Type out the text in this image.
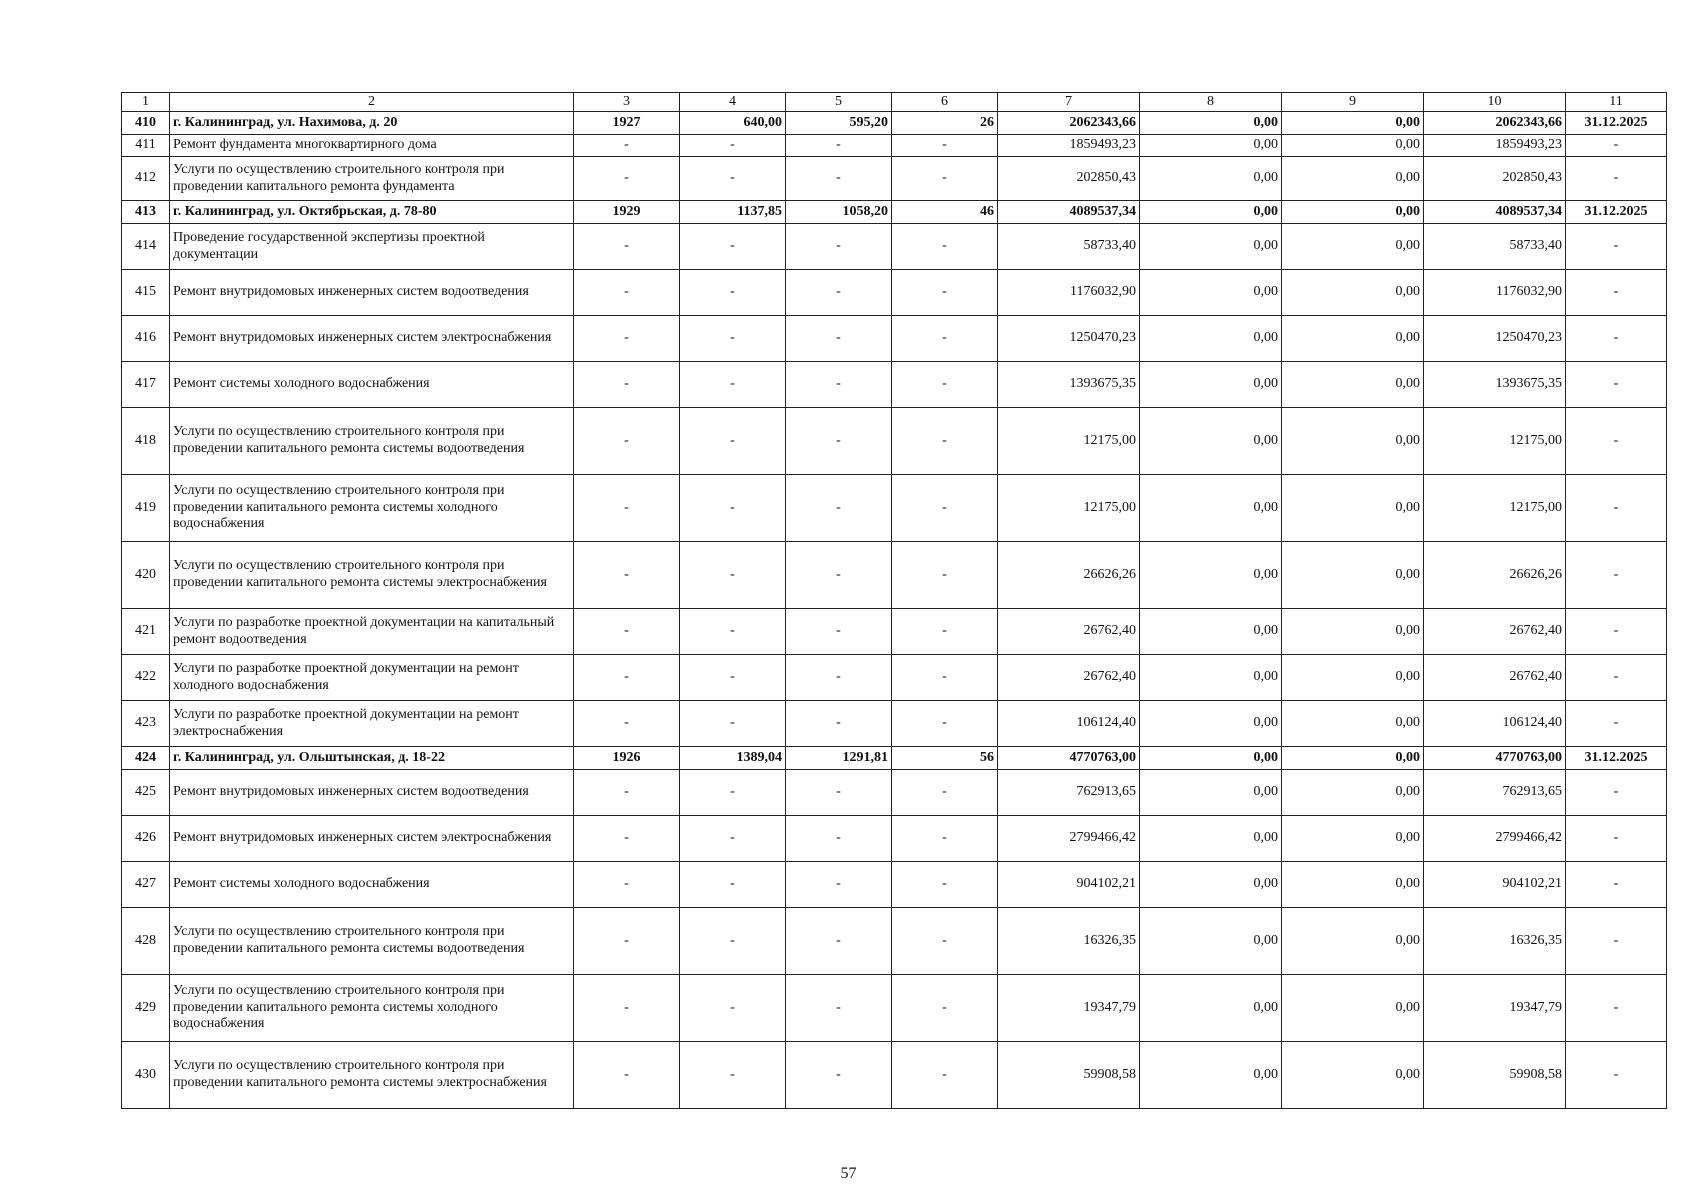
1	2	3	4	5	6	7	8	9	10	11
410	г. Калининград, ул. Нахимова, д. 20	1927	640,00	595,20	26	2062343,66	0,00	0,00	2062343,66	31.12.2025
411	Ремонт фундамента многоквартирного дома	-	-	-	-	1859493,23	0,00	0,00	1859493,23	-
412	Услуги по осуществлению строительного контроля при проведении капитального ремонта фундамента	-	-	-	-	202850,43	0,00	0,00	202850,43	-
413	г. Калининград, ул. Октябрьская, д. 78-80	1929	1137,85	1058,20	46	4089537,34	0,00	0,00	4089537,34	31.12.2025
414	Проведение государственной экспертизы проектной документации	-	-	-	-	58733,40	0,00	0,00	58733,40	-
415	Ремонт внутридомовых инженерных систем водоотведения	-	-	-	-	1176032,90	0,00	0,00	1176032,90	-
416	Ремонт внутридомовых инженерных систем электроснабжения	-	-	-	-	1250470,23	0,00	0,00	1250470,23	-
417	Ремонт системы холодного водоснабжения	-	-	-	-	1393675,35	0,00	0,00	1393675,35	-
418	Услуги по осуществлению строительного контроля при проведении капитального ремонта системы водоотведения	-	-	-	-	12175,00	0,00	0,00	12175,00	-
419	Услуги по осуществлению строительного контроля при проведении капитального ремонта системы холодного водоснабжения	-	-	-	-	12175,00	0,00	0,00	12175,00	-
420	Услуги по осуществлению строительного контроля при проведении капитального ремонта системы электроснабжения	-	-	-	-	26626,26	0,00	0,00	26626,26	-
421	Услуги по разработке проектной документации на капитальный ремонт водоотведения	-	-	-	-	26762,40	0,00	0,00	26762,40	-
422	Услуги по разработке проектной документации на ремонт холодного водоснабжения	-	-	-	-	26762,40	0,00	0,00	26762,40	-
423	Услуги по разработке проектной документации на ремонт электроснабжения	-	-	-	-	106124,40	0,00	0,00	106124,40	-
424	г. Калининград, ул. Ольштынская, д. 18-22	1926	1389,04	1291,81	56	4770763,00	0,00	0,00	4770763,00	31.12.2025
425	Ремонт внутридомовых инженерных систем водоотведения	-	-	-	-	762913,65	0,00	0,00	762913,65	-
426	Ремонт внутридомовых инженерных систем электроснабжения	-	-	-	-	2799466,42	0,00	0,00	2799466,42	-
427	Ремонт системы холодного водоснабжения	-	-	-	-	904102,21	0,00	0,00	904102,21	-
428	Услуги по осуществлению строительного контроля при проведении капитального ремонта системы водоотведения	-	-	-	-	16326,35	0,00	0,00	16326,35	-
429	Услуги по осуществлению строительного контроля при проведении капитального ремонта системы холодного водоснабжения	-	-	-	-	19347,79	0,00	0,00	19347,79	-
430	Услуги по осуществлению строительного контроля при проведении капитального ремонта системы электроснабжения	-	-	-	-	59908,58	0,00	0,00	59908,58	-
57
